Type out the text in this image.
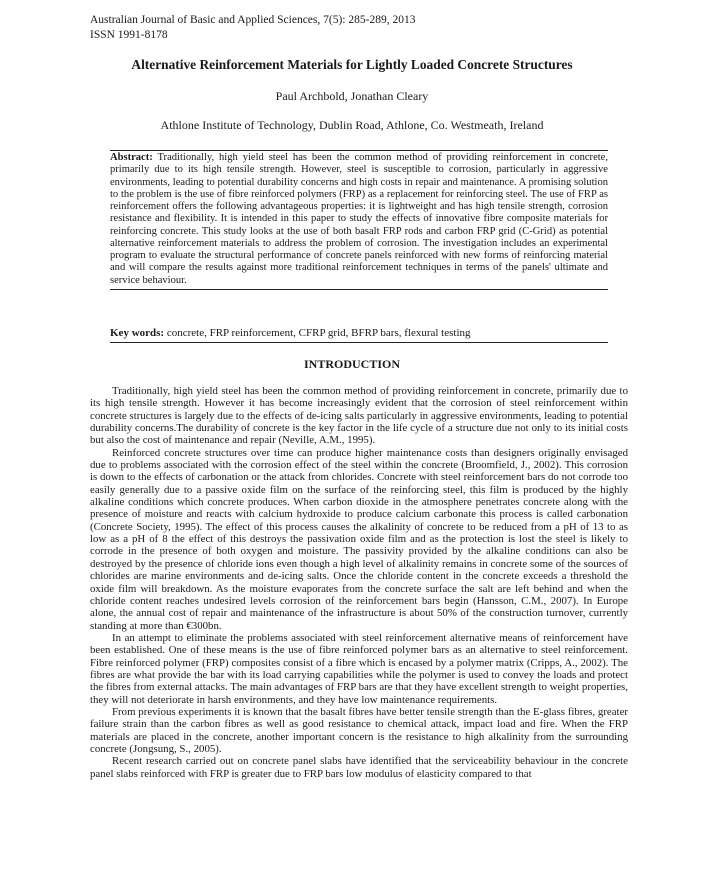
Australian Journal of Basic and Applied Sciences, 7(5): 285-289, 2013
ISSN 1991-8178
Alternative Reinforcement Materials for Lightly Loaded Concrete Structures
Paul Archbold, Jonathan Cleary
Athlone Institute of Technology, Dublin Road, Athlone, Co. Westmeath, Ireland

Abstract: Traditionally, high yield steel has been the common method of providing reinforcement in concrete, primarily due to its high tensile strength. However, steel is susceptible to corrosion, particularly in aggressive environments, leading to potential durability concerns and high costs in repair and maintenance. A promising solution to the problem is the use of fibre reinforced polymers (FRP) as a replacement for reinforcing steel. The use of FRP as reinforcement offers the following advantageous properties: it is lightweight and has high tensile strength, corrosion resistance and flexibility. It is intended in this paper to study the effects of innovative fibre composite materials for reinforcing concrete. This study looks at the use of both basalt FRP rods and carbon FRP grid (C-Grid) as potential alternative reinforcement materials to address the problem of corrosion. The investigation includes an experimental program to evaluate the structural performance of concrete panels reinforced with new forms of reinforcing material and will compare the results against more traditional reinforcement techniques in terms of the panels' ultimate and service behaviour.

Key words: concrete, FRP reinforcement, CFRP grid, BFRP bars, flexural testing
INTRODUCTION

Traditionally, high yield steel has been the common method of providing reinforcement in concrete, primarily due to its high tensile strength. However it has become increasingly evident that the corrosion of steel reinforcement within concrete structures is largely due to the effects of de-icing salts particularly in aggressive environments, leading to potential durability concerns.The durability of concrete is the key factor in the life cycle of a structure due not only to its initial costs but also the cost of maintenance and repair (Neville, A.M., 1995).

Reinforced concrete structures over time can produce higher maintenance costs than designers originally envisaged due to problems associated with the corrosion effect of the steel within the concrete (Broomfield, J., 2002). This corrosion is down to the effects of carbonation or the attack from chlorides. Concrete with steel reinforcement bars do not corrode too easily generally due to a passive oxide film on the surface of the reinforcing steel, this film is produced by the highly alkaline conditions which concrete produces. When carbon dioxide in the atmosphere penetrates concrete along with the presence of moisture and reacts with calcium hydroxide to produce calcium carbonate this process is called carbonation (Concrete Society, 1995). The effect of this process causes the alkalinity of concrete to be reduced from a pH of 13 to as low as a pH of 8 the effect of this destroys the passivation oxide film and as the protection is lost the steel is likely to corrode in the presence of both oxygen and moisture. The passivity provided by the alkaline conditions can also be destroyed by the presence of chloride ions even though a high level of alkalinity remains in concrete some of the sources of chlorides are marine environments and de-icing salts. Once the chloride content in the concrete exceeds a threshold the oxide film will breakdown. As the moisture evaporates from the concrete surface the salt are left behind and when the chloride content reaches undesired levels corrosion of the reinforcement bars begin (Hansson, C.M., 2007). In Europe alone, the annual cost of repair and maintenance of the infrastructure is about 50% of the construction turnover, currently standing at more than €300bn.

In an attempt to eliminate the problems associated with steel reinforcement alternative means of reinforcement have been established. One of these means is the use of fibre reinforced polymer bars as an alternative to steel reinforcement. Fibre reinforced polymer (FRP) composites consist of a fibre which is encased by a polymer matrix (Cripps, A., 2002). The fibres are what provide the bar with its load carrying capabilities while the polymer is used to convey the loads and protect the fibres from external attacks. The main advantages of FRP bars are that they have excellent strength to weight properties, they will not deteriorate in harsh environments, and they have low maintenance requirements.

From previous experiments it is known that the basalt fibres have better tensile strength than the E-glass fibres, greater failure strain than the carbon fibres as well as good resistance to chemical attack, impact load and fire. When the FRP materials are placed in the concrete, another important concern is the resistance to high alkalinity from the surrounding concrete (Jongsung, S., 2005).

Recent research carried out on concrete panel slabs have identified that the serviceability behaviour in the concrete panel slabs reinforced with FRP is greater due to FRP bars low modulus of elasticity compared to that
